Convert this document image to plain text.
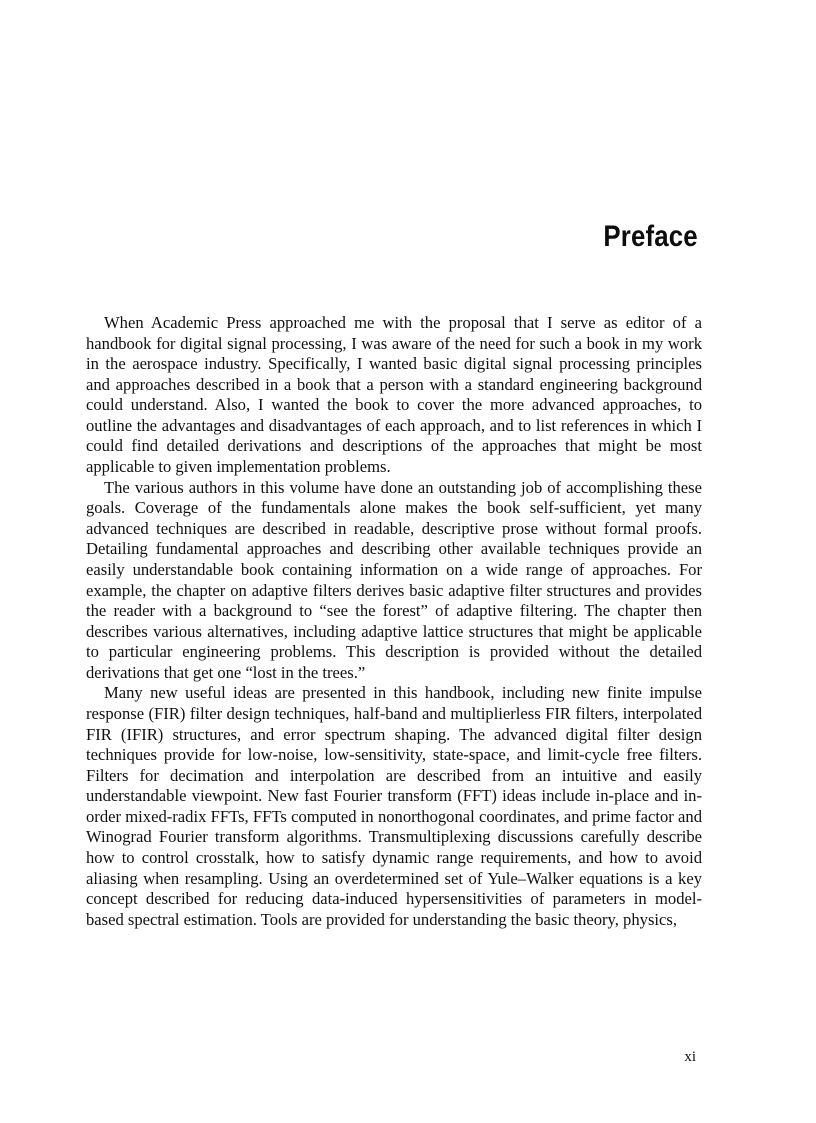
Preface

When Academic Press approached me with the proposal that I serve as editor of a handbook for digital signal processing, I was aware of the need for such a book in my work in the aerospace industry. Specifically, I wanted basic digital signal processing principles and approaches described in a book that a person with a standard engineering background could understand. Also, I wanted the book to cover the more advanced approaches, to outline the advantages and disadvantages of each approach, and to list references in which I could find detailed derivations and descriptions of the approaches that might be most applicable to given implementation problems.

The various authors in this volume have done an outstanding job of accomplishing these goals. Coverage of the fundamentals alone makes the book self-sufficient, yet many advanced techniques are described in readable, descriptive prose without formal proofs. Detailing fundamental approaches and describing other available techniques provide an easily understandable book containing information on a wide range of approaches. For example, the chapter on adaptive filters derives basic adaptive filter structures and provides the reader with a background to “see the forest” of adaptive filtering. The chapter then describes various alternatives, including adaptive lattice structures that might be applicable to particular engineering problems. This description is provided without the detailed derivations that get one “lost in the trees.”

Many new useful ideas are presented in this handbook, including new finite impulse response (FIR) filter design techniques, half-band and multiplierless FIR filters, interpolated FIR (IFIR) structures, and error spectrum shaping. The advanced digital filter design techniques provide for low-noise, low-sensitivity, state-space, and limit-cycle free filters. Filters for decimation and interpolation are described from an intuitive and easily understandable viewpoint. New fast Fourier transform (FFT) ideas include in-place and in-order mixed-radix FFTs, FFTs computed in nonorthogonal coordinates, and prime factor and Winograd Fourier transform algorithms. Transmultiplexing discussions carefully describe how to control crosstalk, how to satisfy dynamic range requirements, and how to avoid aliasing when resampling. Using an overdetermined set of Yule–Walker equations is a key concept described for reducing data-induced hypersensitivities of parameters in model-based spectral estimation. Tools are provided for understanding the basic theory, physics,

xi
